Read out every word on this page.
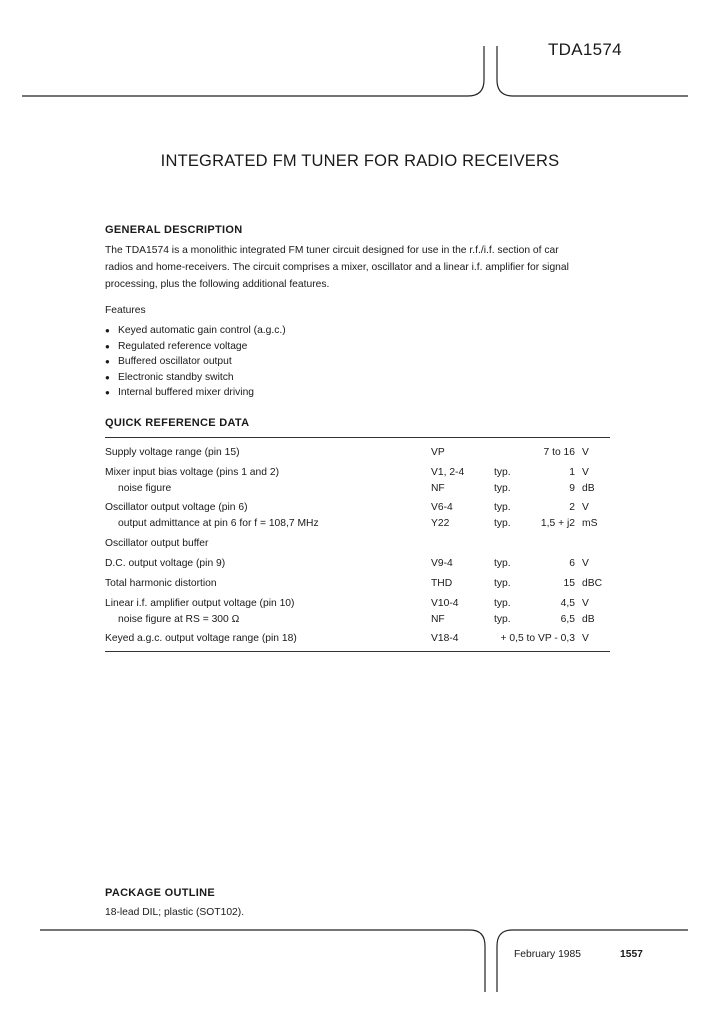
TDA1574
INTEGRATED FM TUNER FOR RADIO RECEIVERS
GENERAL DESCRIPTION

The TDA1574 is a monolithic integrated FM tuner circuit designed for use in the r.f./i.f. section of car

radios and home-receivers. The circuit comprises a mixer, oscillator and a linear i.f. amplifier for signal

processing, plus the following additional features.

Features
● Keyed automatic gain control (a.g.c.)
● Regulated reference voltage
● Buffered oscillator output
● Electronic standby switch
● Internal buffered mixer driving
QUICK REFERENCE DATA
Supply voltage range (pin 15)	VP	7 to 16 V
Mixer input bias voltage (pins 1 and 2)	V1, 2-4	typ.	1 V
noise figure	NF	typ.	9 dB
Oscillator output voltage (pin 6)	V6-4	typ.	2 V
output admittance at pin 6 for f = 108,7 MHz	Y22	typ.	1,5 + j2 mS
Oscillator output buffer
D.C. output voltage (pin 9)	V9-4	typ.	6 V
Total harmonic distortion	THD	typ.	15 dBC
Linear i.f. amplifier output voltage (pin 10)	V10-4	typ.	4,5 V
noise figure at RS = 300 Ω	NF	typ.	6,5 dB
Keyed a.g.c. output voltage range (pin 18)	V18-4	+ 0,5 to VP - 0,3 V
PACKAGE OUTLINE
18-lead DIL; plastic (SOT102).
February 1985	1557
